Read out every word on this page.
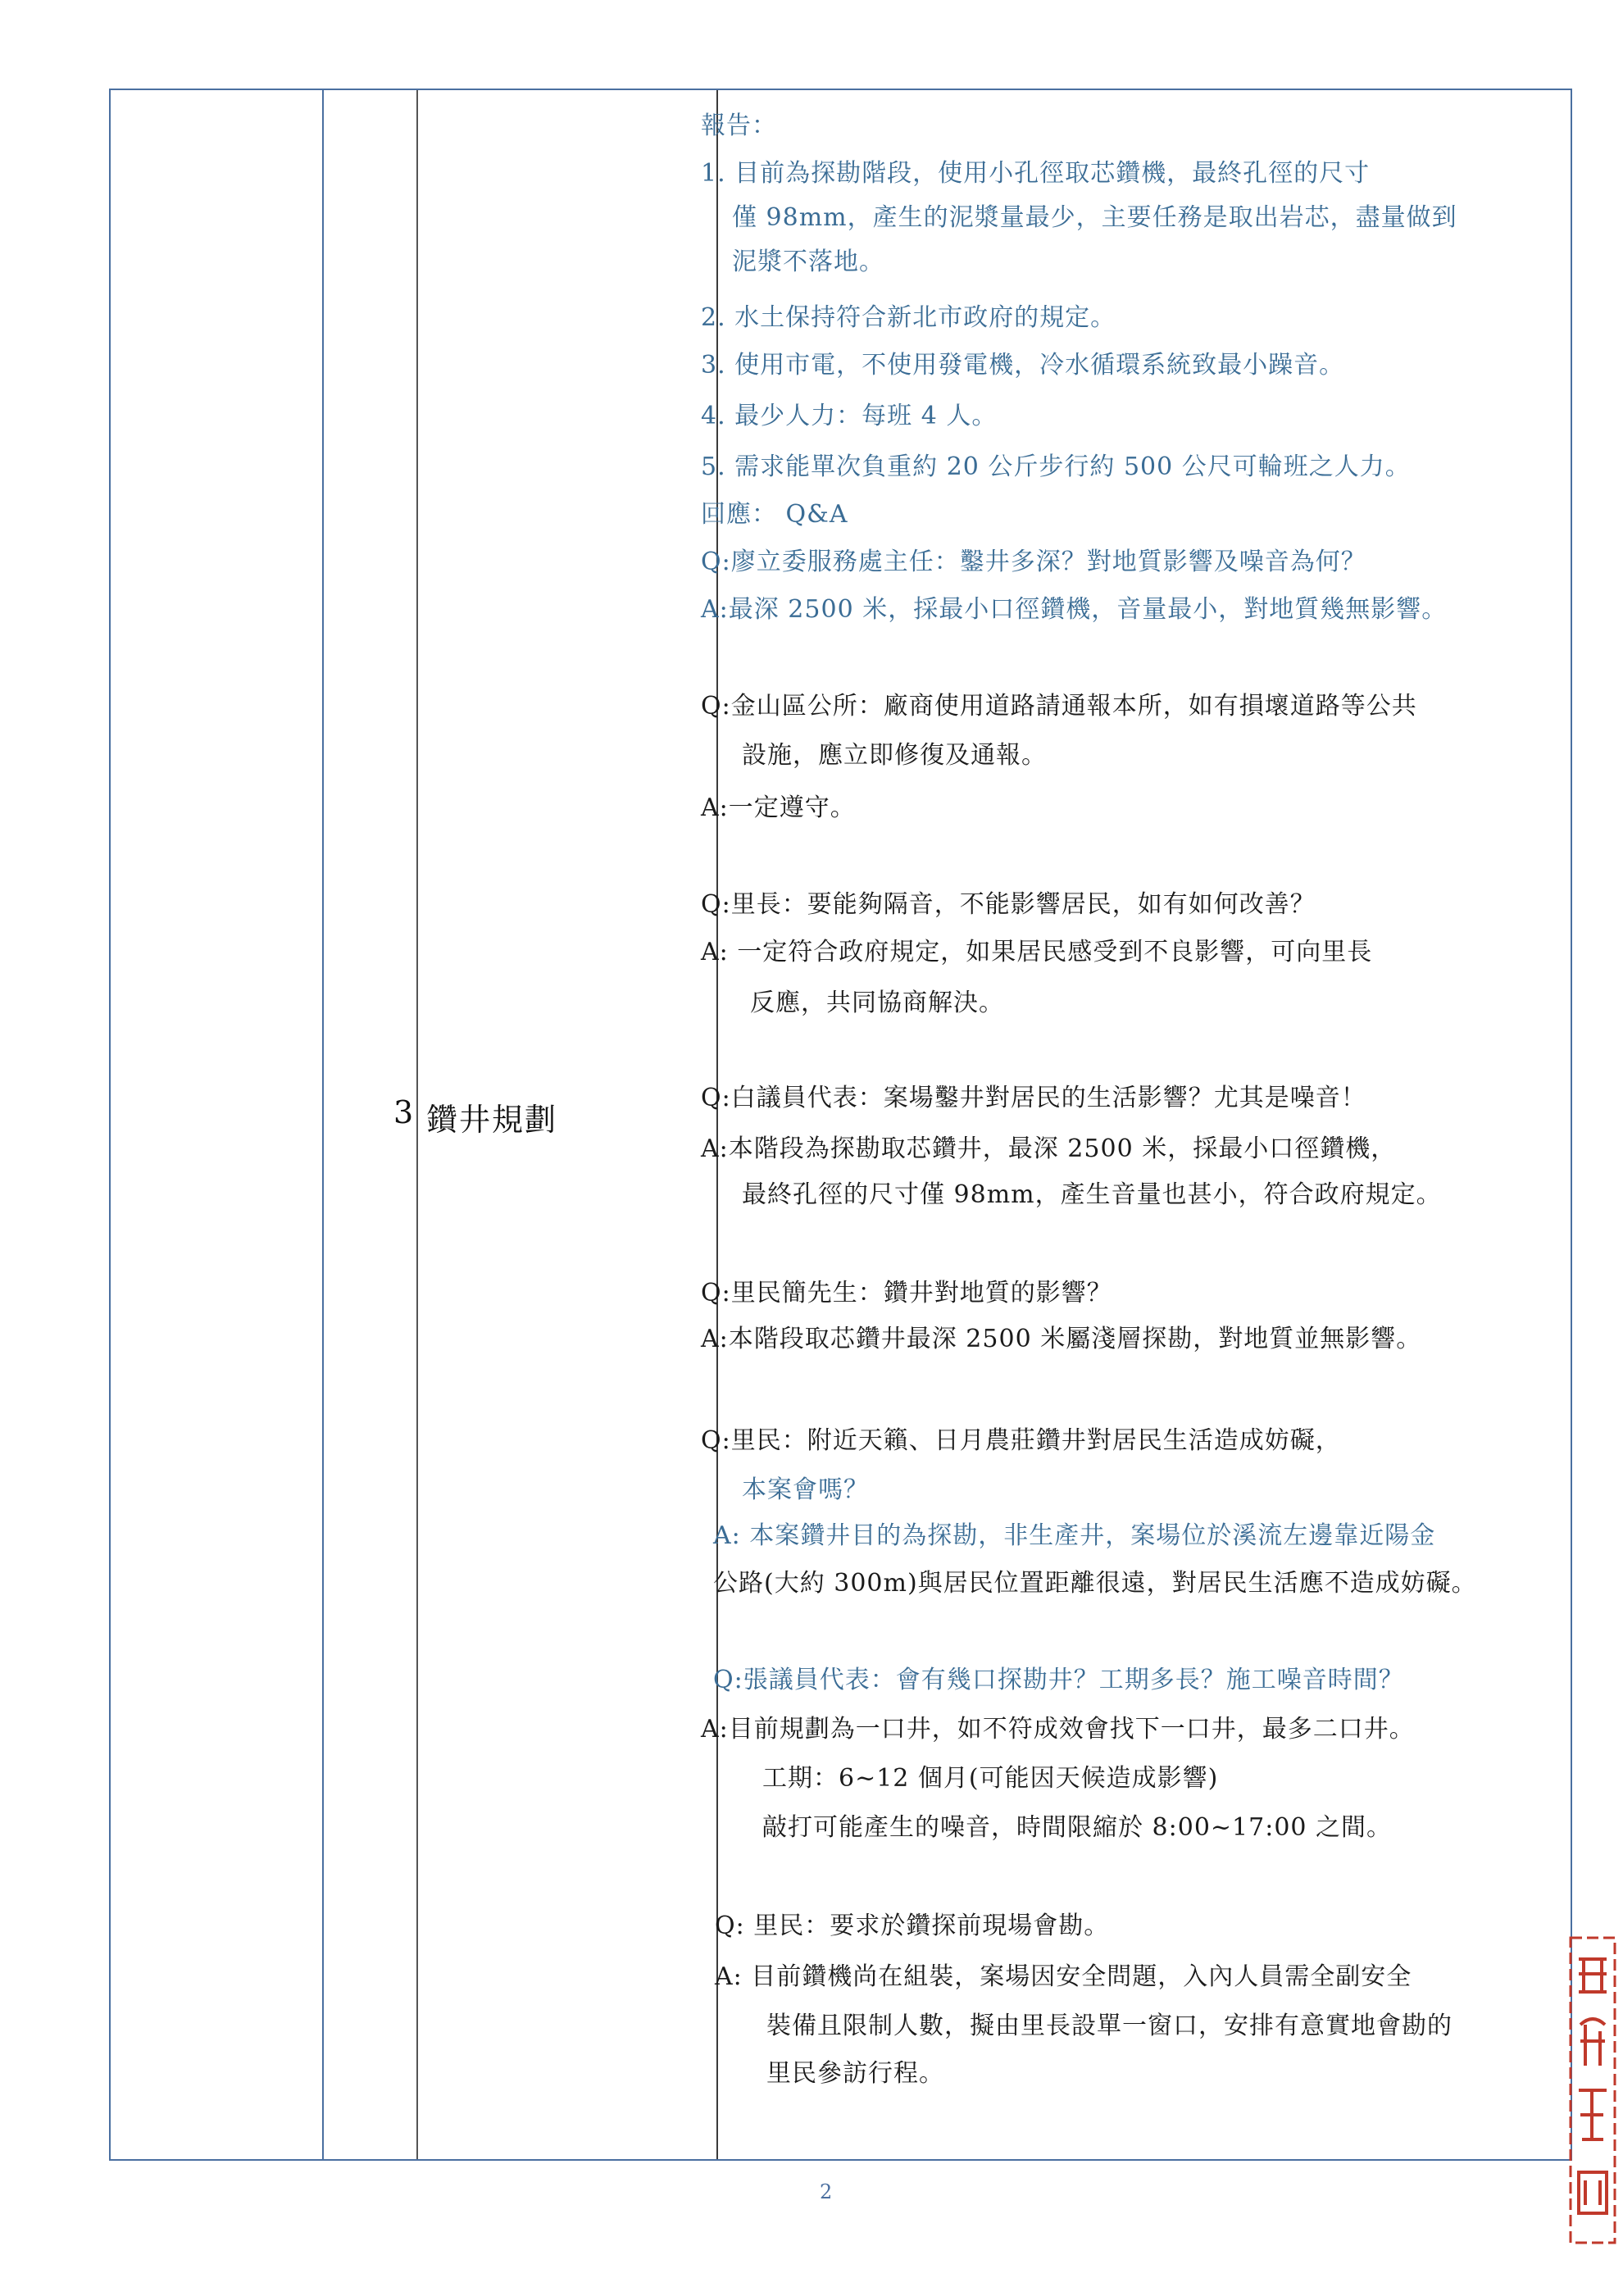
3 鑽井規劃
報告：
1. 目前為探勘階段，使用小孔徑取芯鑽機，最終孔徑的尺寸
僅 98mm，產生的泥漿量最少，主要任務是取出岩芯，盡量做到
泥漿不落地。
2. 水土保持符合新北市政府的規定。
3. 使用市電，不使用發電機，冷水循環系統致最小躁音。
4. 最少人力：每班 4 人。
5. 需求能單次負重約 20 公斤步行約 500 公尺可輪班之人力。
回應： Q&A
Q:廖立委服務處主任：鑿井多深？對地質影響及噪音為何？
A:最深 2500 米，採最小口徑鑽機，音量最小，對地質幾無影響。
Q:金山區公所：廠商使用道路請通報本所，如有損壞道路等公共
設施，應立即修復及通報。
A:一定遵守。
Q:里長：要能夠隔音，不能影響居民，如有如何改善？
A: 一定符合政府規定，如果居民感受到不良影響，可向里長
反應，共同協商解決。
Q:白議員代表：案場鑿井對居民的生活影響？尤其是噪音！
A:本階段為探勘取芯鑽井，最深 2500 米，採最小口徑鑽機，
最終孔徑的尺寸僅 98mm，產生音量也甚小，符合政府規定。
Q:里民簡先生：鑽井對地質的影響？
A:本階段取芯鑽井最深 2500 米屬淺層探勘，對地質並無影響。
Q:里民：附近天籟、日月農莊鑽井對居民生活造成妨礙，
本案會嗎？
A: 本案鑽井目的為探勘，非生產井，案場位於溪流左邊靠近陽金
公路(大約 300m)與居民位置距離很遠，對居民生活應不造成妨礙。
Q:張議員代表：會有幾口探勘井？工期多長？施工噪音時間？
A:目前規劃為一口井，如不符成效會找下一口井，最多二口井。
工期：6~12 個月(可能因天候造成影響)
敲打可能產生的噪音，時間限縮於 8:00~17:00 之間。
Q: 里民：要求於鑽探前現場會勘。
A: 目前鑽機尚在組裝，案場因安全問題，入內人員需全副安全
裝備且限制人數，擬由里長設單一窗口，安排有意實地會勘的
里民參訪行程。
2
